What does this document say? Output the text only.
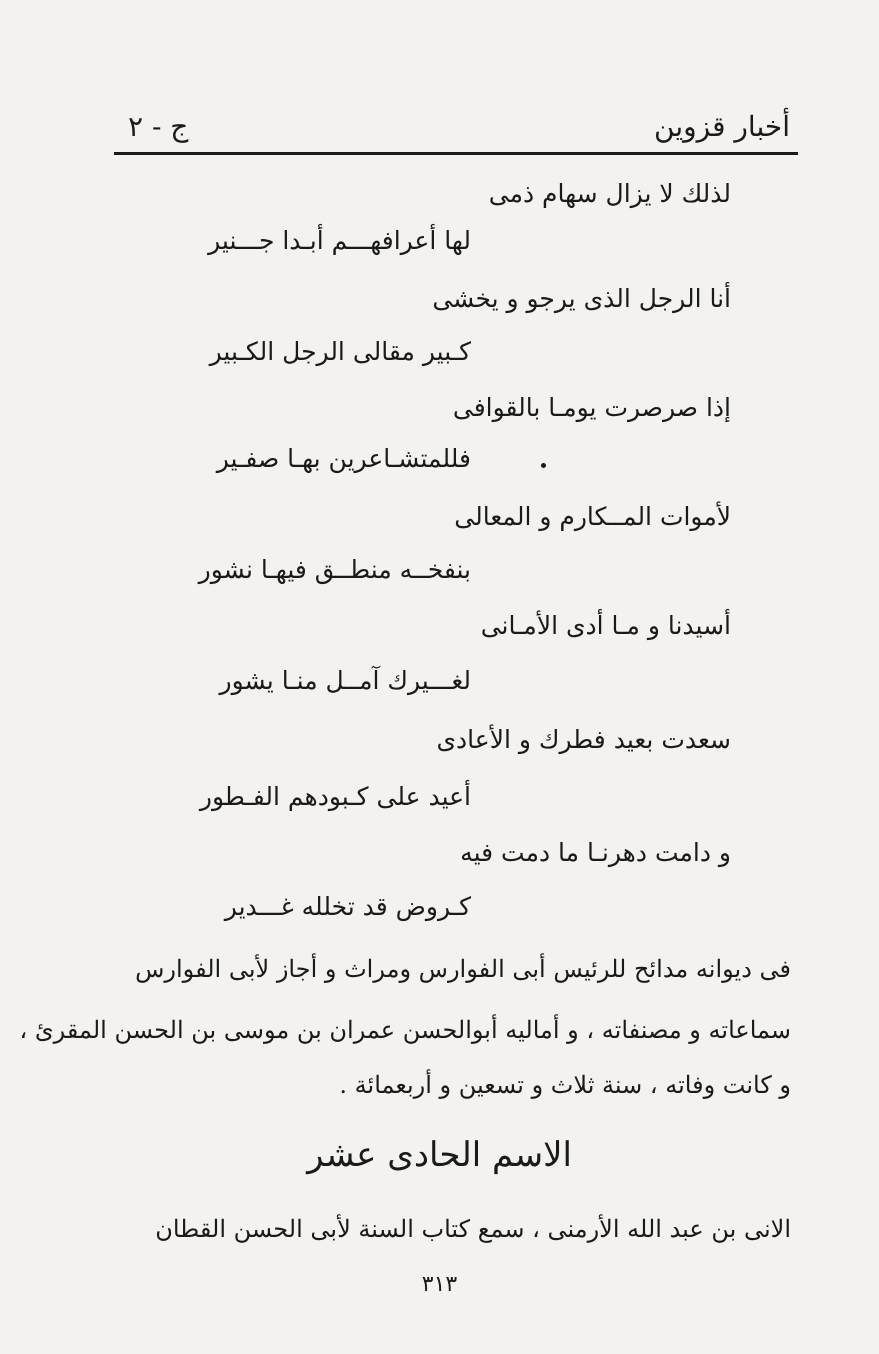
أخبار قزوين
ج - ٢
لذلك لا يزال سهام ذمى
لها أعرافهـــم أبـدا جـــنير
أنا الرجل الذى يرجو و يخشى
كـبير مقالى الرجل الكـبير
إذا صرصرت يومـا بالقوافى
فللمتشـاعرين بهـا صفـير
لأموات المــكارم و المعالى
بنفخــه منطــق فيهـا نشور
أسيدنا و مـا أدى الأمـانى
لغـــيرك آمــل منـا يشور
سعدت بعيد فطرك و الأعادى
أعيد على كـبودهم الفـطور
و دامت دهرنـا ما دمت فيه
كـروض قد تخلله غـــدير
فى ديوانه مدائح للرئيس أبى الفوارس ومراث و أجاز لأبى الفوارس
سماعاته و مصنفاته ، و أماليه أبوالحسن عمران بن موسى بن الحسن المقرئ ،
و كانت وفاته ، سنة ثلاث و تسعين و أربعمائة .
الاسم الحادى عشر
الانى بن عبد الله الأرمنى ، سمع كتاب السنة لأبى الحسن القطان
٣١٣
